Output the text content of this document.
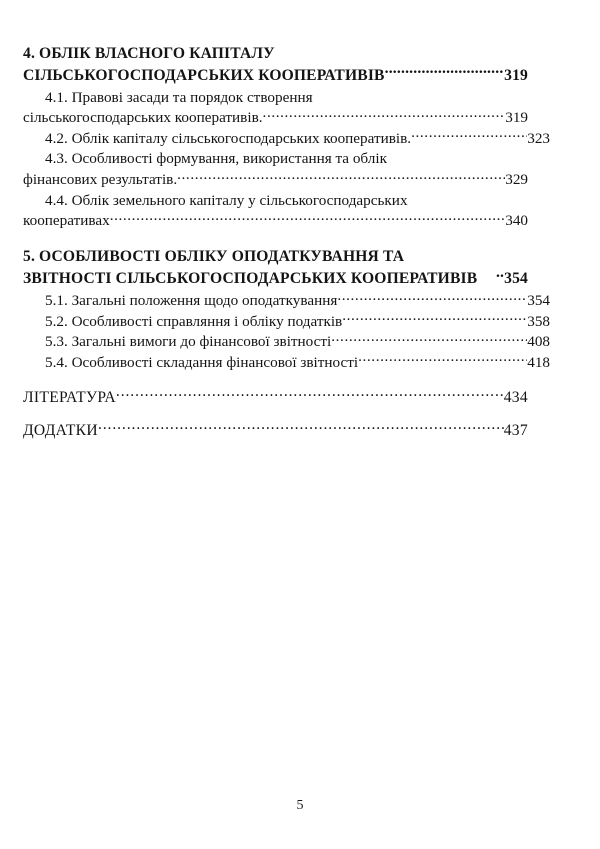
4. ОБЛІК ВЛАСНОГО КАПІТАЛУ
СІЛЬСЬКОГОСПОДАРСЬКИХ КООПЕРАТИВІВ .....	319
4.1. Правові засади та порядок створення
сільськогосподарських кооперативів. .....	319
4.2. Облік капіталу сільськогосподарських кооперативів. .....	323
4.3. Особливості формування, використання та облік
фінансових результатів. .....	329
4.4. Облік земельного капіталу у сільськогосподарських
кооперативах .....	340
5. ОСОБЛИВОСТІ ОБЛІКУ ОПОДАТКУВАННЯ ТА
ЗВІТНОСТІ СІЛЬСЬКОГОСПОДАРСЬКИХ КООПЕРАТИВІВ .. 354
5.1. Загальні положення щодо оподаткування .....	354
5.2. Особливості справляння і обліку податків .....	358
5.3. Загальні вимоги до фінансової звітності .....	408
5.4. Особливості складання фінансової звітності .....	418
ЛІТЕРАТУРА .....	434
ДОДАТКИ .....	437
5
